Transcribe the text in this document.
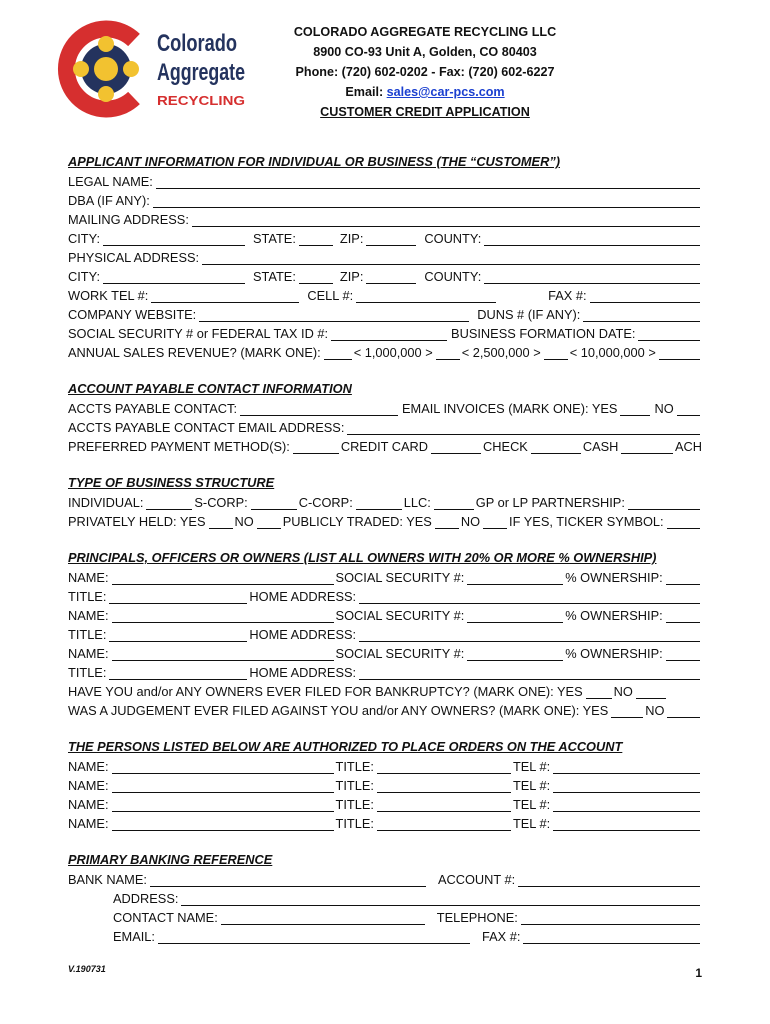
Colorado
Aggregate
RECYCLING
COLORADO AGGREGATE RECYCLING LLC
8900 CO-93 Unit A, Golden, CO 80403
Phone: (720) 602-0202 - Fax: (720) 602-6227
Email: sales@car-pcs.com
CUSTOMER CREDIT APPLICATION
APPLICANT INFORMATION FOR INDIVIDUAL OR BUSINESS (THE “CUSTOMER”)
LEGAL NAME:
DBA (IF ANY):
MAILING ADDRESS:
CITY:	STATE:	ZIP:	COUNTY:
PHYSICAL ADDRESS:
CITY:	STATE:	ZIP:	COUNTY:
WORK TEL #:	CELL #:	FAX #:
COMPANY WEBSITE:	DUNS # (IF ANY):
SOCIAL SECURITY # or FEDERAL TAX ID #:	BUSINESS FORMATION DATE:
ANNUAL SALES REVENUE? (MARK ONE):	< 1,000,000 > < 2,500,000 > < 10,000,000 >
ACCOUNT PAYABLE CONTACT INFORMATION
ACCTS PAYABLE CONTACT:	EMAIL INVOICES (MARK ONE): YES	NO
ACCTS PAYABLE CONTACT EMAIL ADDRESS:
PREFERRED PAYMENT METHOD(S):	CREDIT CARD	CHECK	CASH	ACH
TYPE OF BUSINESS STRUCTURE
INDIVIDUAL:	S-CORP:	C-CORP:	LLC:	GP or LP PARTNERSHIP:
PRIVATELY HELD: YES NO PUBLICLY TRADED: YES NO IF YES, TICKER SYMBOL:
PRINCIPALS, OFFICERS OR OWNERS (LIST ALL OWNERS WITH 20% OR MORE % OWNERSHIP)
NAME:	SOCIAL SECURITY #:	% OWNERSHIP:
TITLE:	HOME ADDRESS:
NAME:	SOCIAL SECURITY #:	% OWNERSHIP:
TITLE:	HOME ADDRESS:
NAME:	SOCIAL SECURITY #:	% OWNERSHIP:
TITLE:	HOME ADDRESS:
HAVE YOU and/or ANY OWNERS EVER FILED FOR BANKRUPTCY? (MARK ONE): YES NO
WAS A JUDGEMENT EVER FILED AGAINST YOU and/or ANY OWNERS? (MARK ONE): YES	NO
THE PERSONS LISTED BELOW ARE AUTHORIZED TO PLACE ORDERS ON THE ACCOUNT
NAME:	TITLE:	TEL #:
NAME:	TITLE:	TEL #:
NAME:	TITLE:	TEL #:
NAME:	TITLE:	TEL #:
PRIMARY BANKING REFERENCE
BANK NAME:	ACCOUNT #:
ADDRESS:
CONTACT NAME:	TELEPHONE:
EMAIL:	FAX #:
V.190731	1
